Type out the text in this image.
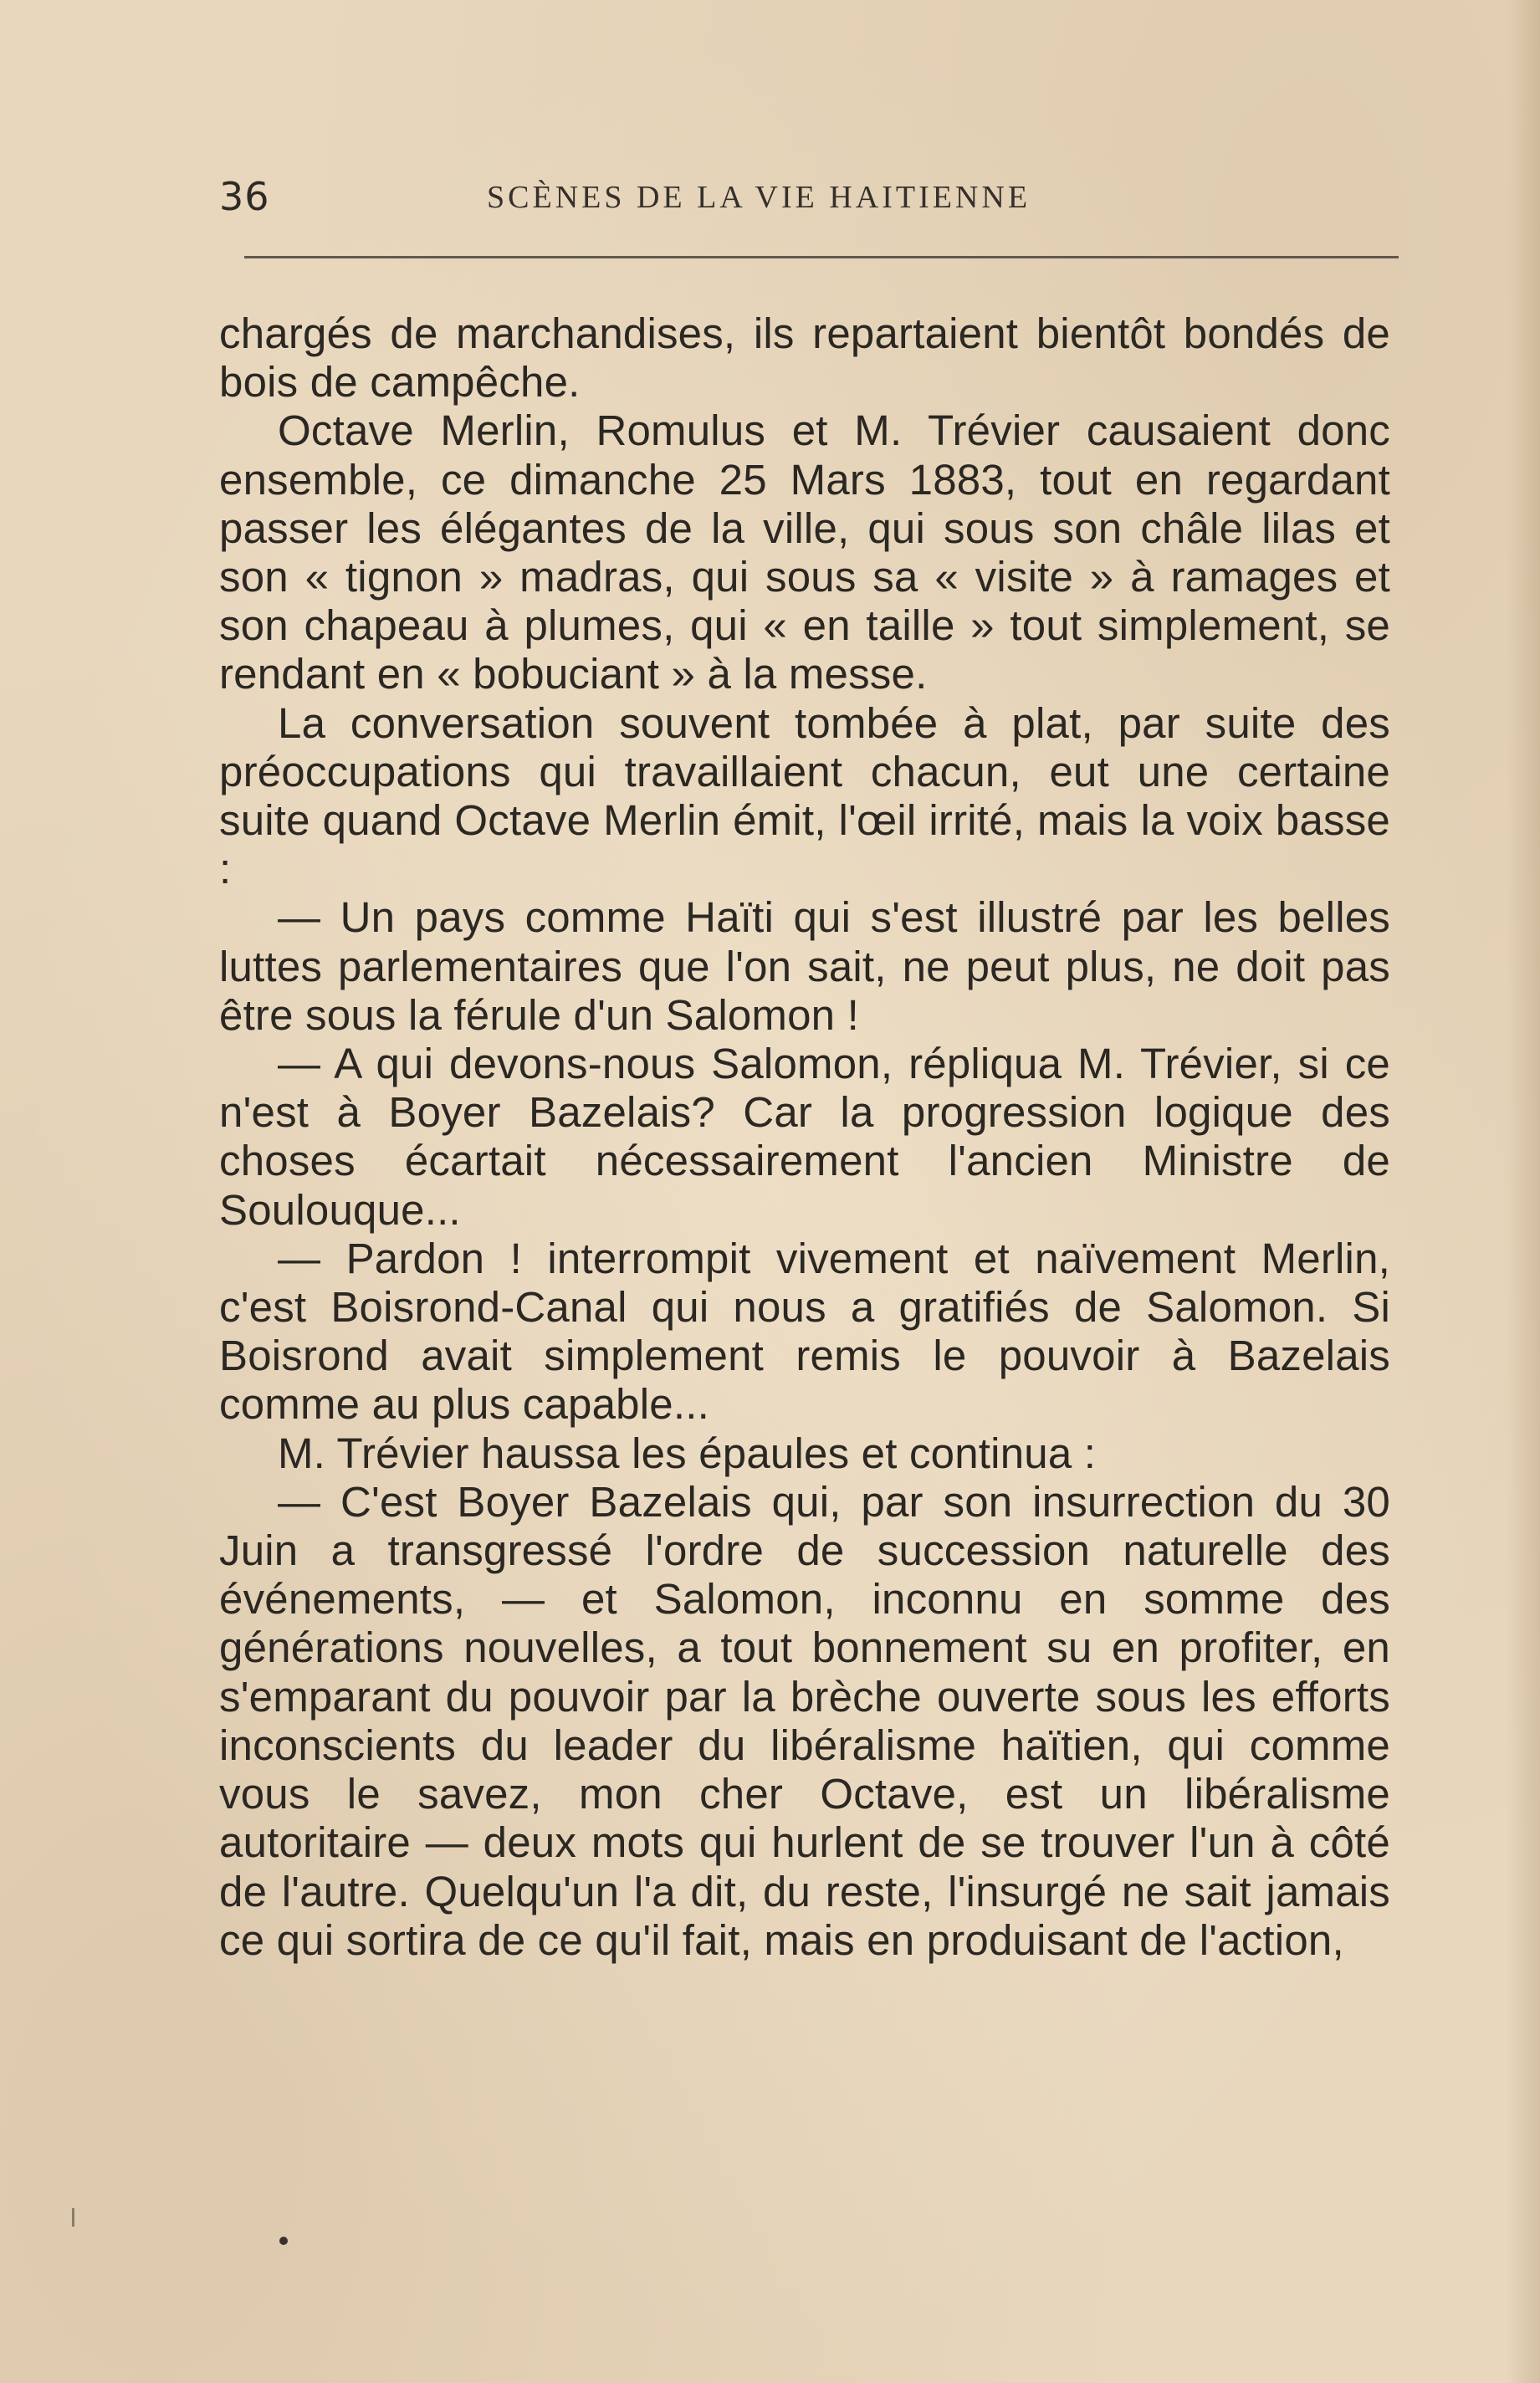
36	SCÈNES DE LA VIE HAITIENNE

chargés de marchandises, ils repartaient bientôt bondés de bois de campêche.

Octave Merlin, Romulus et M. Trévier causaient donc ensemble, ce dimanche 25 Mars 1883, tout en regardant passer les élégantes de la ville, qui sous son châle lilas et son « tignon » madras, qui sous sa « visite » à ramages et son chapeau à plumes, qui « en taille » tout simplement, se rendant en « bobuciant » à la messe.

La conversation souvent tombée à plat, par suite des préoccupations qui travaillaient chacun, eut une certaine suite quand Octave Merlin émit, l'œil irrité, mais la voix basse :

— Un pays comme Haïti qui s'est illustré par les belles luttes parlementaires que l'on sait, ne peut plus, ne doit pas être sous la férule d'un Salomon !

— A qui devons-nous Salomon, répliqua M. Trévier, si ce n'est à Boyer Bazelais? Car la progression logique des choses écartait nécessairement l'ancien Ministre de Soulouque...

— Pardon ! interrompit vivement et naïvement Merlin, c'est Boisrond-Canal qui nous a gratifiés de Salomon. Si Boisrond avait simplement remis le pouvoir à Bazelais comme au plus capable...

M. Trévier haussa les épaules et continua :

— C'est Boyer Bazelais qui, par son insurrection du 30 Juin a transgressé l'ordre de succession naturelle des événements, — et Salomon, inconnu en somme des générations nouvelles, a tout bonnement su en profiter, en s'emparant du pouvoir par la brèche ouverte sous les efforts inconscients du leader du libéralisme haïtien, qui comme vous le savez, mon cher Octave, est un libéralisme autoritaire — deux mots qui hurlent de se trouver l'un à côté de l'autre. Quelqu'un l'a dit, du reste, l'insurgé ne sait jamais ce qui sortira de ce qu'il fait, mais en produisant de l'action,
